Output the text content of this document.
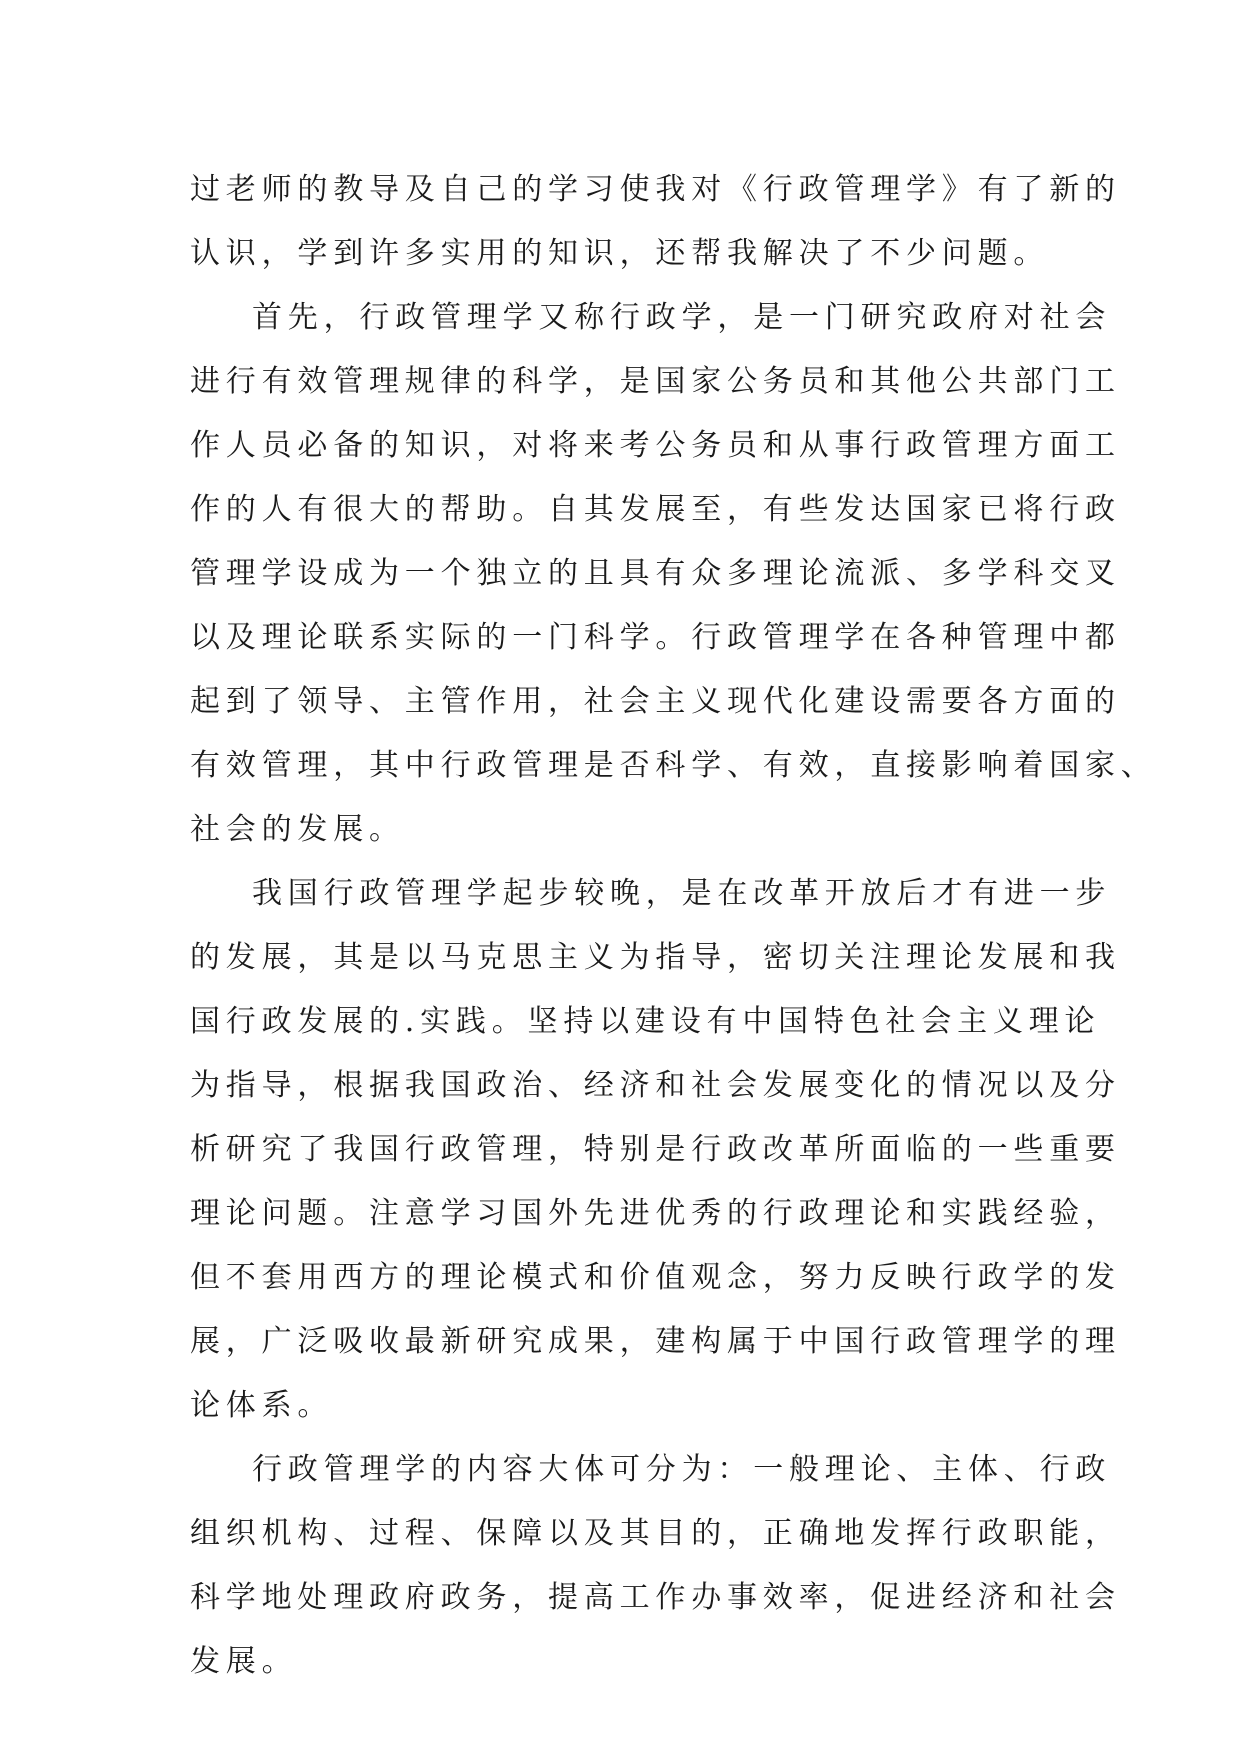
过老师的教导及自己的学习使我对《行政管理学》有了新的
认识，学到许多实用的知识，还帮我解决了不少问题。
首先，行政管理学又称行政学，是一门研究政府对社会
进行有效管理规律的科学，是国家公务员和其他公共部门工
作人员必备的知识，对将来考公务员和从事行政管理方面工
作的人有很大的帮助。自其发展至，有些发达国家已将行政
管理学设成为一个独立的且具有众多理论流派、多学科交叉
以及理论联系实际的一门科学。行政管理学在各种管理中都
起到了领导、主管作用，社会主义现代化建设需要各方面的
有效管理，其中行政管理是否科学、有效，直接影响着国家、
社会的发展。
我国行政管理学起步较晚，是在改革开放后才有进一步
的发展，其是以马克思主义为指导，密切关注理论发展和我
国行政发展的.实践。坚持以建设有中国特色社会主义理论
为指导，根据我国政治、经济和社会发展变化的情况以及分
析研究了我国行政管理，特别是行政改革所面临的一些重要
理论问题。注意学习国外先进优秀的行政理论和实践经验，
但不套用西方的理论模式和价值观念，努力反映行政学的发
展，广泛吸收最新研究成果，建构属于中国行政管理学的理
论体系。
行政管理学的内容大体可分为：一般理论、主体、行政
组织机构、过程、保障以及其目的，正确地发挥行政职能，
科学地处理政府政务，提高工作办事效率，促进经济和社会
发展。
